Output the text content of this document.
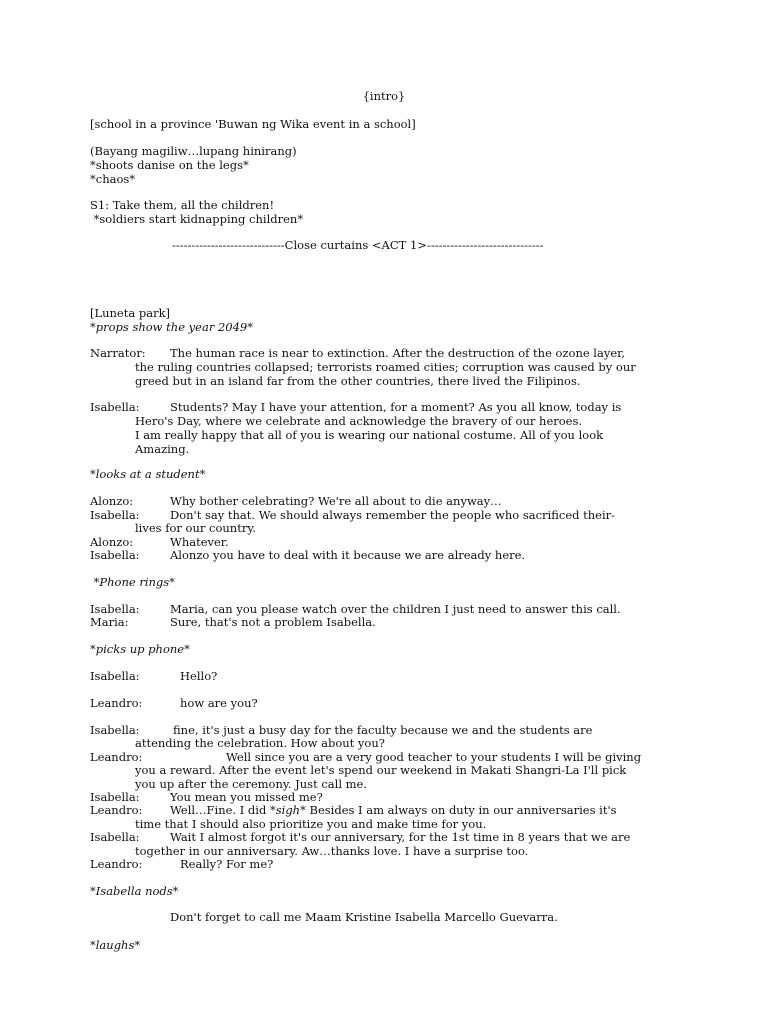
{intro}
[school in a province 'Buwan ng Wika event in a school]
(Bayang magiliw…lupang hinirang)
*shoots danise on the legs*
*chaos*
S1: Take them, all the children!
*soldiers start kidnapping children*
-----------------------------Close curtains <ACT 1>------------------------------
[Luneta park]
*props show the year 2049*
Narrator: The human race is near to extinction. After the destruction of the ozone layer,
the ruling countries collapsed; terrorists roamed cities; corruption was caused by our
greed but in an island far from the other countries, there lived the Filipinos.
Isabella:	Students? May I have your attention, for a moment? As you all know, today is
Hero's Day, where we celebrate and acknowledge the bravery of our heroes.
I am really happy that all of you is wearing our national costume. All of you look
Amazing.
*looks at a student*
Alonzo:	Why bother celebrating? We're all about to die anyway…
Isabella:	Don't say that. We should always remember the people who sacrificed their-
lives for our country.
Alonzo:	Whatever.
Isabella:	Alonzo you have to deal with it because we are already here.
*Phone rings*
Isabella:	Maria, can you please watch over the children I just need to answer this call.
Maria:	Sure, that's not a problem Isabella.
*picks up phone*
Isabella:	Hello?
Leandro:	how are you?
Isabella:	fine, it's just a busy day for the faculty because we and the students are
attending the celebration. How about you?
Leandro:	Well since you are a very good teacher to your students I will be giving
you a reward. After the event let's spend our weekend in Makati Shangri-La I'll pick
you up after the ceremony. Just call me.
Isabella:	You mean you missed me?
Leandro: Well…Fine. I did *sigh* Besides I am always on duty in our anniversaries it's
time that I should also prioritize you and make time for you.
Isabella:	Wait I almost forgot it's our anniversary, for the 1st time in 8 years that we are
together in our anniversary. Aw…thanks love. I have a surprise too.
Leandro:	Really? For me?
*Isabella nods*
Don't forget to call me Maam Kristine Isabella Marcello Guevarra.
*laughs*
